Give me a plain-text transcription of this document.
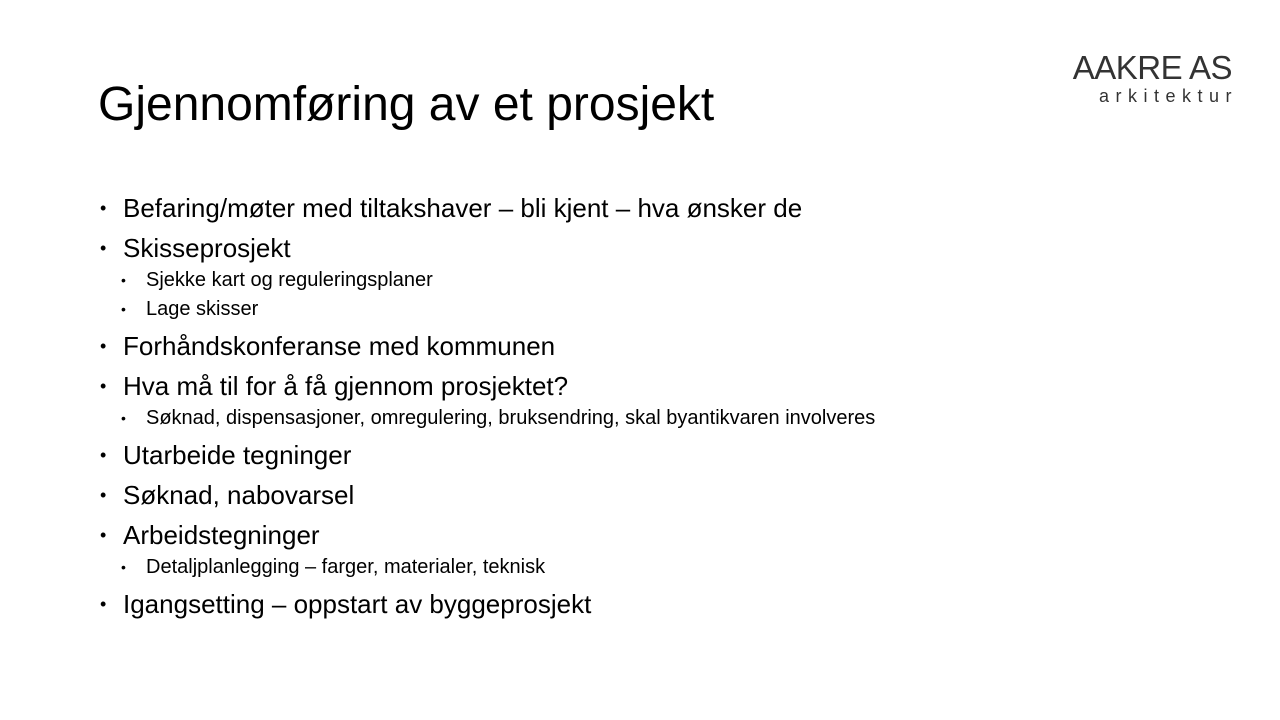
Gjennomføring av et prosjekt
AAKRE AS
arkitektur
• Befaring/møter med tiltakshaver – bli kjent – hva ønsker de
• Skisseprosjekt
• Sjekke kart og reguleringsplaner
• Lage skisser
• Forhåndskonferanse med kommunen
• Hva må til for å få gjennom prosjektet?
• Søknad, dispensasjoner, omregulering, bruksendring, skal byantikvaren involveres
• Utarbeide tegninger
• Søknad, nabovarsel
• Arbeidstegninger
• Detaljplanlegging – farger, materialer, teknisk
• Igangsetting – oppstart av byggeprosjekt
